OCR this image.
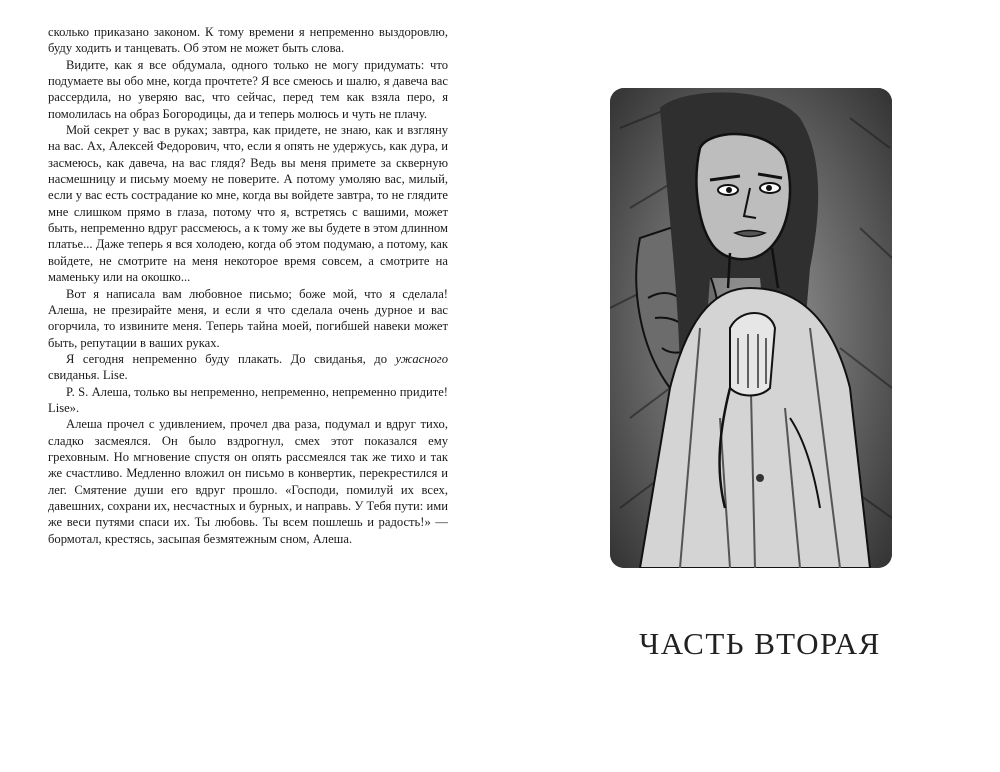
сколько приказано законом. К тому времени я непременно выздоровлю, буду ходить и танцевать. Об этом не может быть слова.

Видите, как я все обдумала, одного только не могу придумать: что подумаете вы обо мне, когда прочтете? Я все смеюсь и шалю, я давеча вас рассердила, но уверяю вас, что сейчас, перед тем как взяла перо, я помолилась на образ Богородицы, да и теперь молюсь и чуть не плачу.

Мой секрет у вас в руках; завтра, как придете, не знаю, как и взгляну на вас. Ах, Алексей Федорович, что, если я опять не удержусь, как дура, и засмеюсь, как давеча, на вас глядя? Ведь вы меня примете за скверную насмешницу и письму моему не поверите. А потому умоляю вас, милый, если у вас есть сострадание ко мне, когда вы войдете завтра, то не глядите мне слишком прямо в глаза, потому что я, встретясь с вашими, может быть, непременно вдруг рассмеюсь, а к тому же вы будете в этом длинном платье... Даже теперь я вся холодею, когда об этом подумаю, а потому, как войдете, не смотрите на меня некоторое время совсем, а смотрите на маменьку или на окошко...

Вот я написала вам любовное письмо; боже мой, что я сделала! Алеша, не презирайте меня, и если я что сделала очень дурное и вас огорчила, то извините меня. Теперь тайна моей, погибшей навеки может быть, репутации в ваших руках.

Я сегодня непременно буду плакать. До свиданья, до ужасного свиданья. Lise.

P. S. Алеша, только вы непременно, непременно, непременно придите! Lise».

Алеша прочел с удивлением, прочел два раза, подумал и вдруг тихо, сладко засмеялся. Он было вздрогнул, смех этот показался ему греховным. Но мгновение спустя он опять рассмеялся так же тихо и так же счастливо. Медленно вложил он письмо в конвертик, перекрестился и лег. Смятение души его вдруг прошло. «Господи, помилуй их всех, давешних, сохрани их, несчастных и бурных, и направь. У Тебя пути: ими же веси путями спаси их. Ты любовь. Ты всем пошлешь и радость!» — бормотал, крестясь, засыпая безмятежным сном, Алеша.

ЧАСТЬ ВТОРАЯ
